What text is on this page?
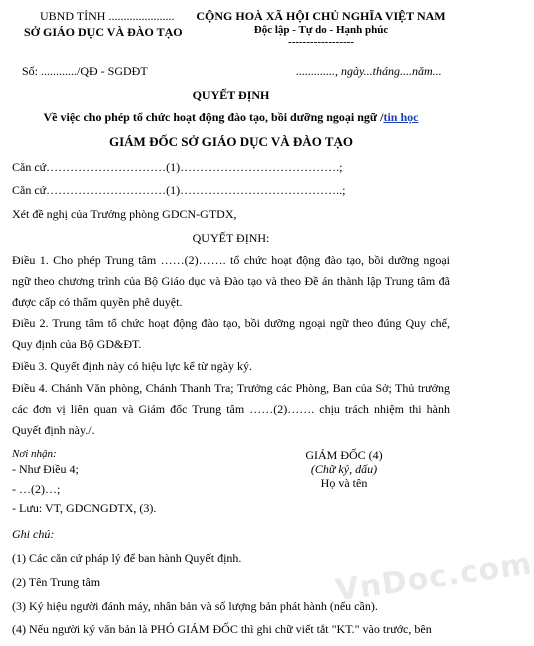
VnDoc.com
UBND TỈNH ......................
SỞ GIÁO DỤC VÀ ĐÀO TẠO
CỘNG HOÀ XÃ HỘI CHỦ NGHĨA VIỆT NAM
Độc lập - Tự do - Hạnh phúc
------------------
Số: ............/QĐ - SGDĐT	............., ngày...tháng....năm...
QUYẾT ĐỊNH
Về việc cho phép tổ chức hoạt động đào tạo, bồi dưỡng ngoại ngữ /tin học
GIÁM ĐỐC SỞ GIÁO DỤC VÀ ĐÀO TẠO
Căn cứ…………………………(1)………………………………….;
Căn cứ…………………………(1)…………………………………..;
Xét đề nghị của Trưởng phòng GDCN-GTDX,
QUYẾT ĐỊNH:
Điều 1. Cho phép Trung tâm ……(2)……. tổ chức hoạt động đào tạo, bồi dưỡng ngoại ngữ theo chương trình của Bộ Giáo dục và Đào tạo và theo Đề án thành lập Trung tâm đã được cấp có thẩm quyền phê duyệt.
Điều 2. Trung tâm tổ chức hoạt động đào tạo, bồi dưỡng ngoại ngữ theo đúng Quy chế, Quy định của Bộ GD&ĐT.
Điều 3. Quyết định này có hiệu lực kể từ ngày ký.
Điều 4. Chánh Văn phòng, Chánh Thanh Tra; Trưởng các Phòng, Ban của Sở; Thủ trưởng các đơn vị liên quan và Giám đốc Trung tâm ……(2)……. chịu trách nhiệm thi hành Quyết định này./.
Nơi nhận:
- Như Điều 4;
- …(2)…;
- Lưu: VT, GDCNGDTX, (3).
GIÁM ĐỐC (4)
(Chữ ký, dấu)
Họ và tên
Ghi chú:
(1) Các căn cứ pháp lý để ban hành Quyết định.
(2) Tên Trung tâm
(3) Ký hiệu người đánh máy, nhân bản và số lượng bản phát hành (nếu cần).
(4) Nếu người ký văn bản là PHÓ GIÁM ĐỐC thì ghi chữ viết tắt "KT." vào trước, bên
